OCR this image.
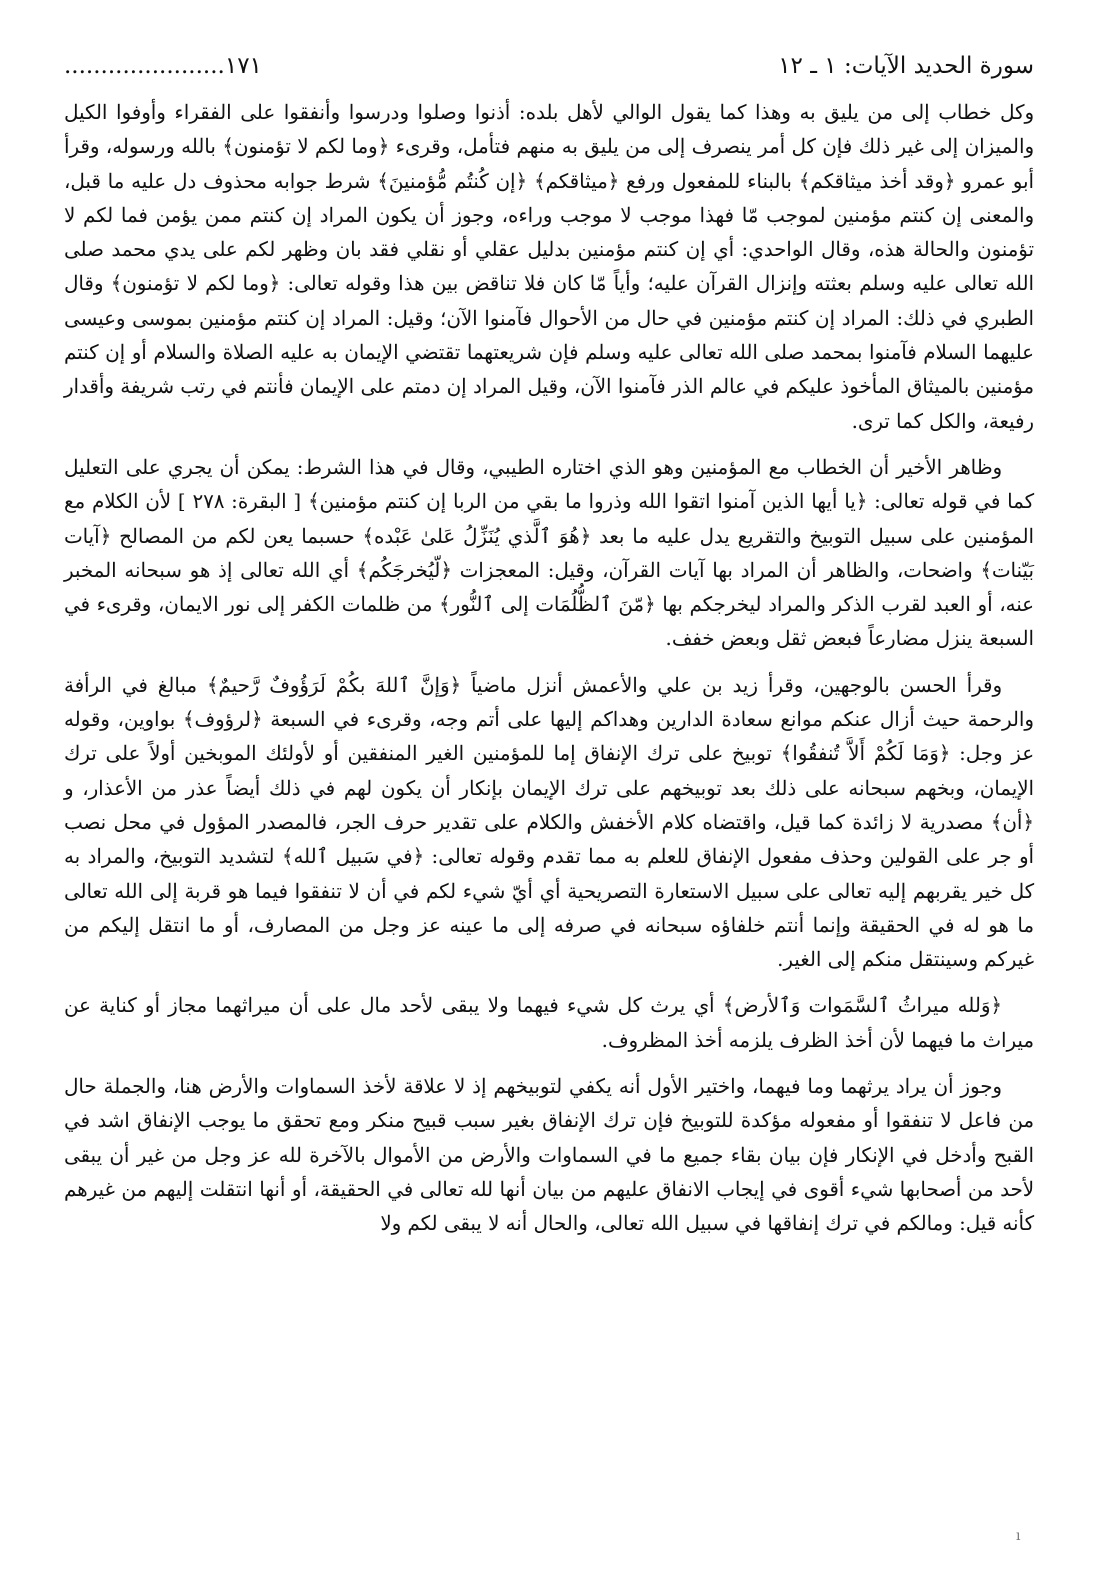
سورة الحديد الآيات: ١ ـ ١٢
......................١٧١

وكل خطاب إلى من يليق به وهذا كما يقول الوالي لأهل بلده: أذنوا وصلوا ودرسوا وأنفقوا على الفقراء وأوفوا الكيل والميزان إلى غير ذلك فإن كل أمر ينصرف إلى من يليق به منهم فتأمل، وقرىء ﴿وما لكم لا تؤمنون﴾ بالله ورسوله، وقرأ أبو عمرو ﴿وقد أخذ ميثاقكم﴾ بالبناء للمفعول ورفع ﴿ميثاقكم﴾ ﴿إن كُنتُم مُّؤمنينَ﴾ شرط جوابه محذوف دل عليه ما قبل، والمعنى إن كنتم مؤمنين لموجب مّا فهذا موجب لا موجب وراءه، وجوز أن يكون المراد إن كنتم ممن يؤمن فما لكم لا تؤمنون والحالة هذه، وقال الواحدي: أي إن كنتم مؤمنين بدليل عقلي أو نقلي فقد بان وظهر لكم على يدي محمد صلى الله تعالى عليه وسلم بعثته وإنزال القرآن عليه؛ وأياً مّا كان فلا تناقض بين هذا وقوله تعالى: ﴿وما لكم لا تؤمنون﴾ وقال الطبري في ذلك: المراد إن كنتم مؤمنين في حال من الأحوال فآمنوا الآن؛ وقيل: المراد إن كنتم مؤمنين بموسى وعيسى عليهما السلام فآمنوا بمحمد صلى الله تعالى عليه وسلم فإن شريعتهما تقتضي الإيمان به عليه الصلاة والسلام أو إن كنتم مؤمنين بالميثاق المأخوذ عليكم في عالم الذر فآمنوا الآن، وقيل المراد إن دمتم على الإيمان فأنتم في رتب شريفة وأقدار رفيعة، والكل كما ترى.

وظاهر الأخير أن الخطاب مع المؤمنين وهو الذي اختاره الطيبي، وقال في هذا الشرط: يمكن أن يجري على التعليل كما في قوله تعالى: ﴿يا أيها الذين آمنوا اتقوا الله وذروا ما بقي من الربا إن كنتم مؤمنين﴾ [ البقرة: ٢٧٨ ] لأن الكلام مع المؤمنين على سبيل التوبيخ والتقريع يدل عليه ما بعد ﴿هُوَ ٱلَّذي يُنَزِّلُ عَلىٰ عَبْده﴾ حسبما يعن لكم من المصالح ﴿آيات بَيّنات﴾ واضحات، والظاهر أن المراد بها آيات القرآن، وقيل: المعجزات ﴿لّيُخرجَكُم﴾ أي الله تعالى إذ هو سبحانه المخبر عنه، أو العبد لقرب الذكر والمراد ليخرجكم بها ﴿مّنَ ٱلظُّلُمَات إلى ٱلنُّور﴾ من ظلمات الكفر إلى نور الايمان، وقرىء في السبعة ينزل مضارعاً فبعض ثقل وبعض خفف.

وقرأ الحسن بالوجهين، وقرأ زيد بن علي والأعمش أنزل ماضياً ﴿وَإنَّ ٱللهَ بكُمْ لَرَؤُوفٌ رَّحيمٌ﴾ مبالغ في الرأفة والرحمة حيث أزال عنكم موانع سعادة الدارين وهداكم إليها على أتم وجه، وقرىء في السبعة ﴿لرؤوف﴾ بواوين، وقوله عز وجل: ﴿وَمَا لَكُمْ أَلاَّ تُنفقُوا﴾ توبيخ على ترك الإنفاق إما للمؤمنين الغير المنفقين أو لأولئك الموبخين أولاً على ترك الإيمان، وبخهم سبحانه على ذلك بعد توبيخهم على ترك الإيمان بإنكار أن يكون لهم في ذلك أيضاً عذر من الأعذار، و ﴿أن﴾ مصدرية لا زائدة كما قيل، واقتضاه كلام الأخفش والكلام على تقدير حرف الجر، فالمصدر المؤول في محل نصب أو جر على القولين وحذف مفعول الإنفاق للعلم به مما تقدم وقوله تعالى: ﴿في سَبيل ٱلله﴾ لتشديد التوبيخ، والمراد به كل خير يقربهم إليه تعالى على سبيل الاستعارة التصريحية أي أيّ شيء لكم في أن لا تنفقوا فيما هو قربة إلى الله تعالى ما هو له في الحقيقة وإنما أنتم خلفاؤه سبحانه في صرفه إلى ما عينه عز وجل من المصارف، أو ما انتقل إليكم من غيركم وسينتقل منكم إلى الغير.

﴿وَلله ميراثُ ٱلسَّمَوات وَٱلأرض﴾ أي يرث كل شيء فيهما ولا يبقى لأحد مال على أن ميراثهما مجاز أو كناية عن ميراث ما فيهما لأن أخذ الظرف يلزمه أخذ المظروف.

وجوز أن يراد يرثهما وما فيهما، واختير الأول أنه يكفي لتوبيخهم إذ لا علاقة لأخذ السماوات والأرض هنا، والجملة حال من فاعل لا تنفقوا أو مفعوله مؤكدة للتوبيخ فإن ترك الإنفاق بغير سبب قبيح منكر ومع تحقق ما يوجب الإنفاق اشد في القبح وأدخل في الإنكار فإن بيان بقاء جميع ما في السماوات والأرض من الأموال بالآخرة لله عز وجل من غير أن يبقى لأحد من أصحابها شيء أقوى في إيجاب الانفاق عليهم من بيان أنها لله تعالى في الحقيقة، أو أنها انتقلت إليهم من غيرهم كأنه قيل: ومالكم في ترك إنفاقها في سبيل الله تعالى، والحال أنه لا يبقى لكم ولا

ı
